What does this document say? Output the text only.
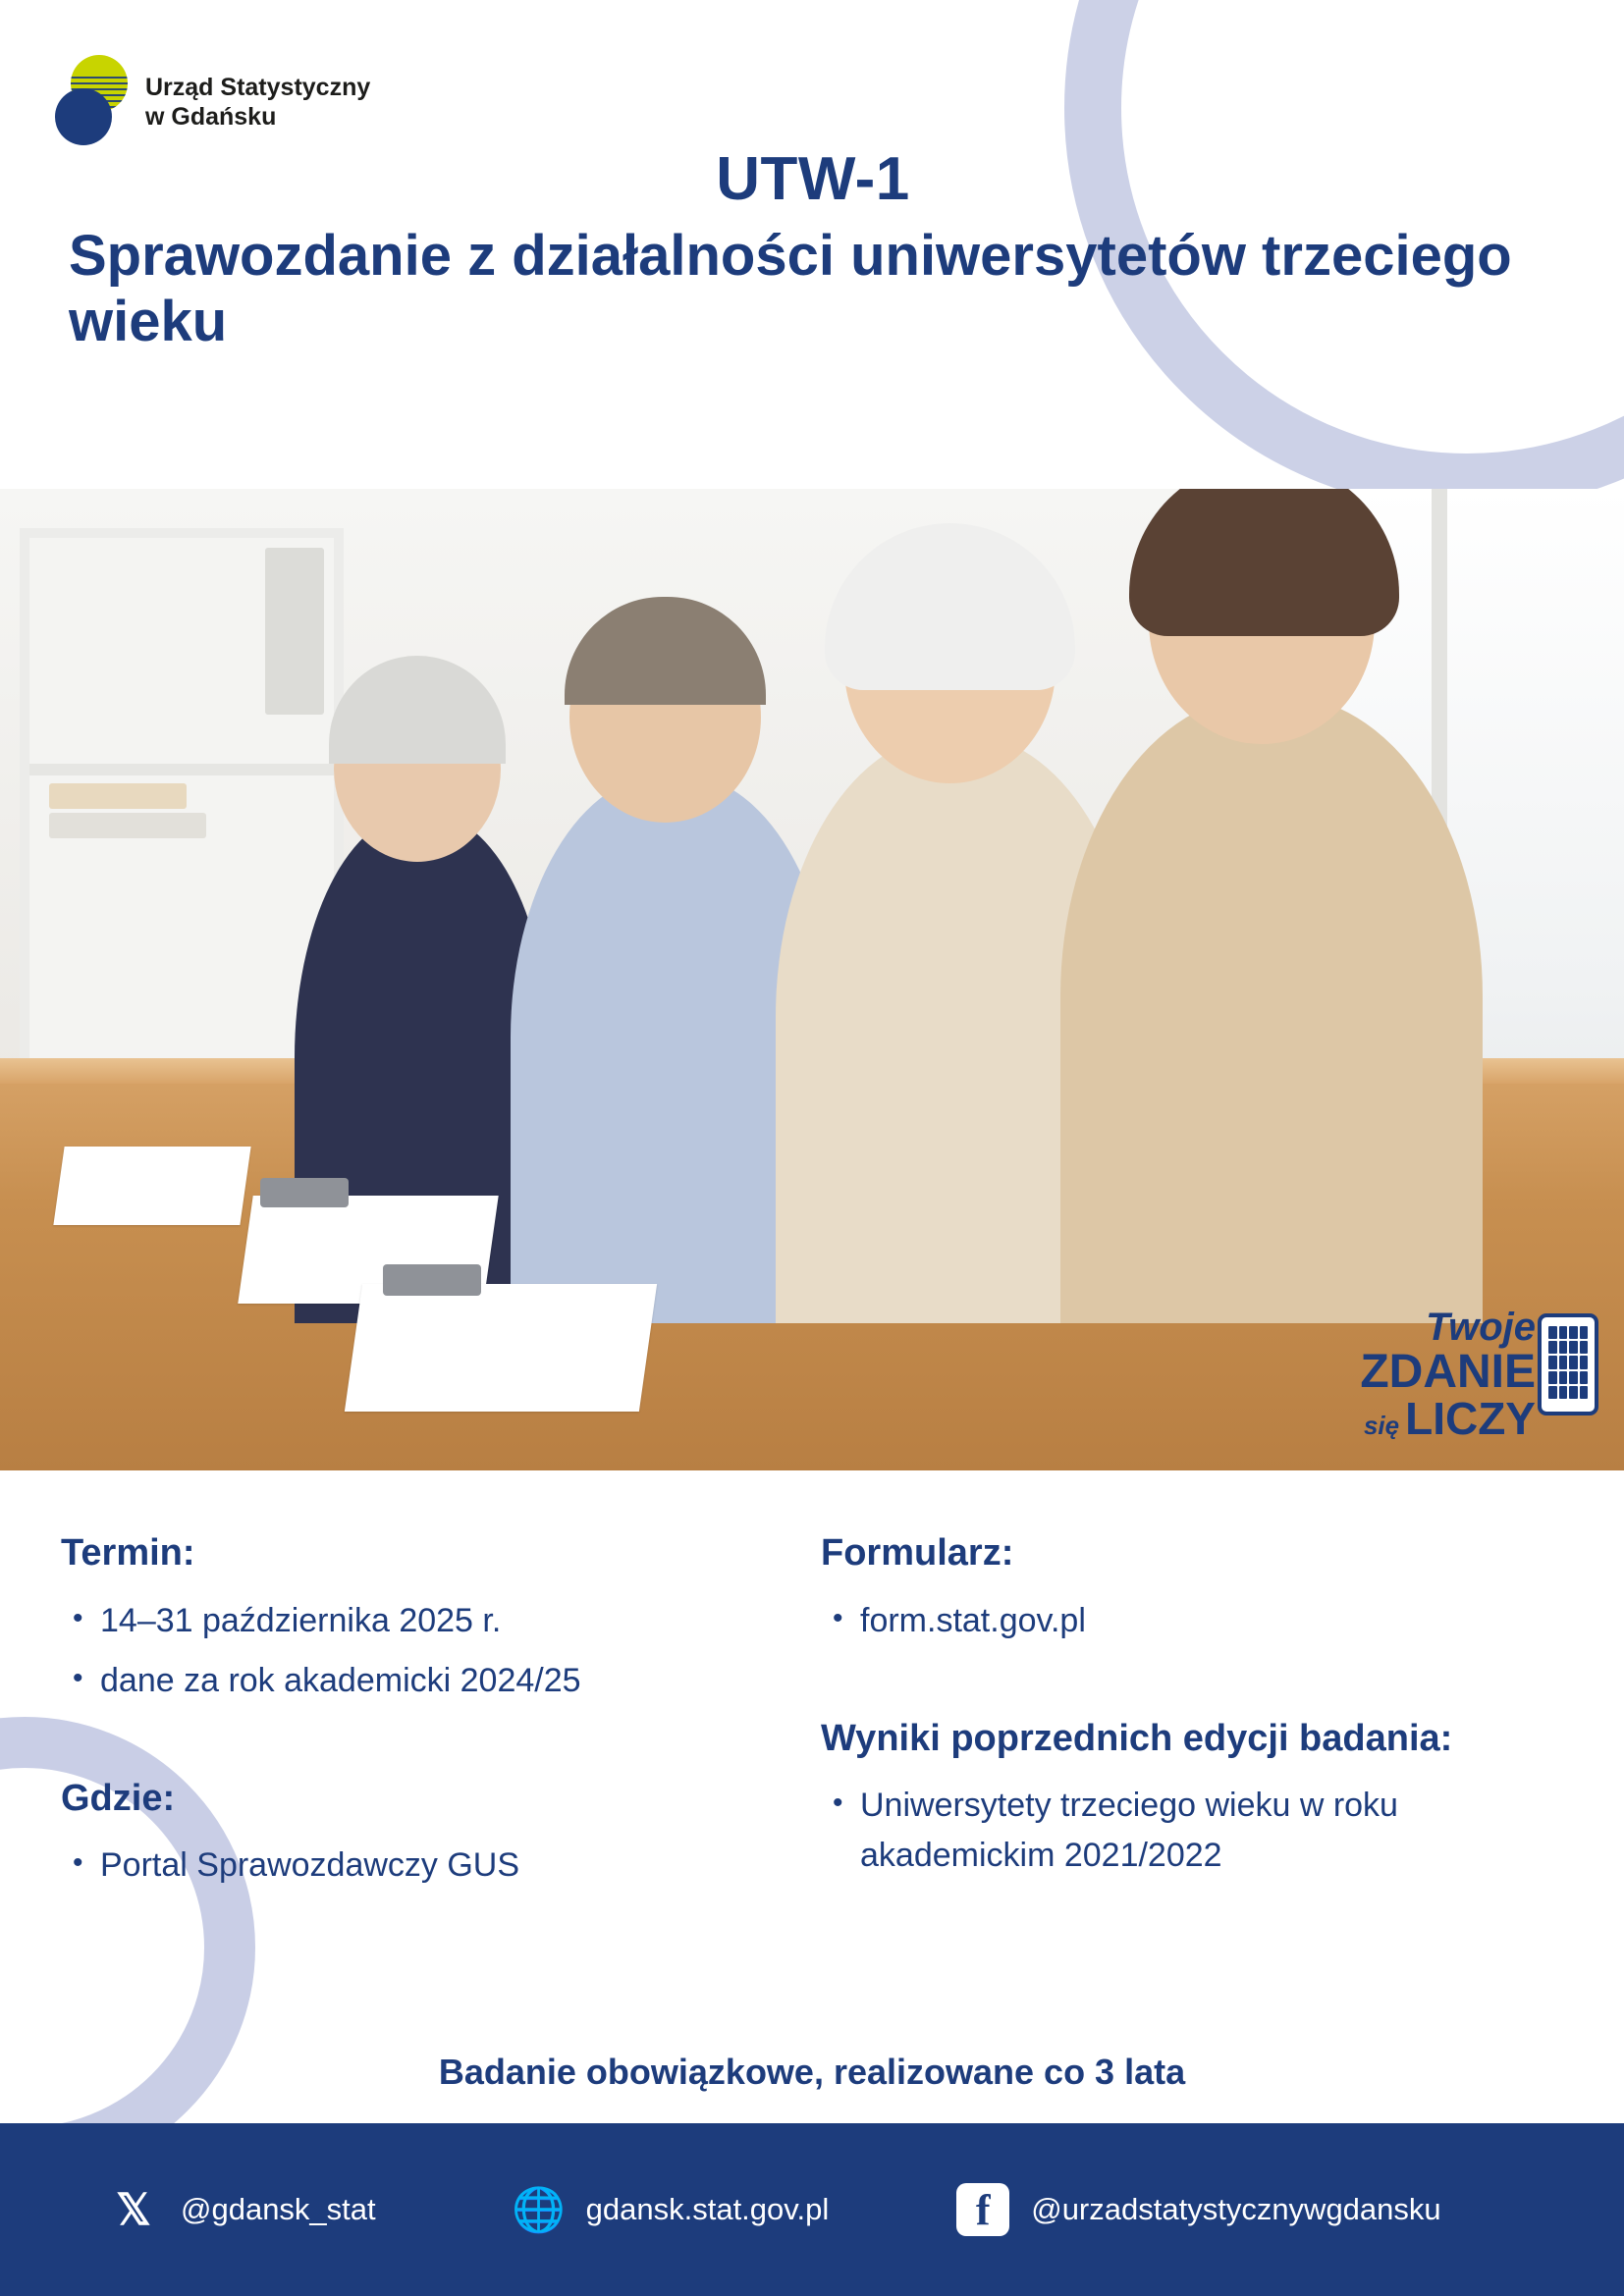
Urząd Statystyczny
w Gdańsku
UTW-1
Sprawozdanie z działalności uniwersytetów trzeciego wieku
Twoje
ZDANIE
się LICZY
Termin:
• 14–31 października 2025 r.
• dane za rok akademicki 2024/25
Gdzie:
• Portal Sprawozdawczy GUS
Formularz:
• form.stat.gov.pl
Wyniki poprzednich edycji badania:
• Uniwersytety trzeciego wieku w roku akademickim 2021/2022
Badanie obowiązkowe, realizowane co 3 lata
𝕏 @gdansk_stat	🌐 gdansk.stat.gov.pl	f	@urzadstatystycznywgdansku
